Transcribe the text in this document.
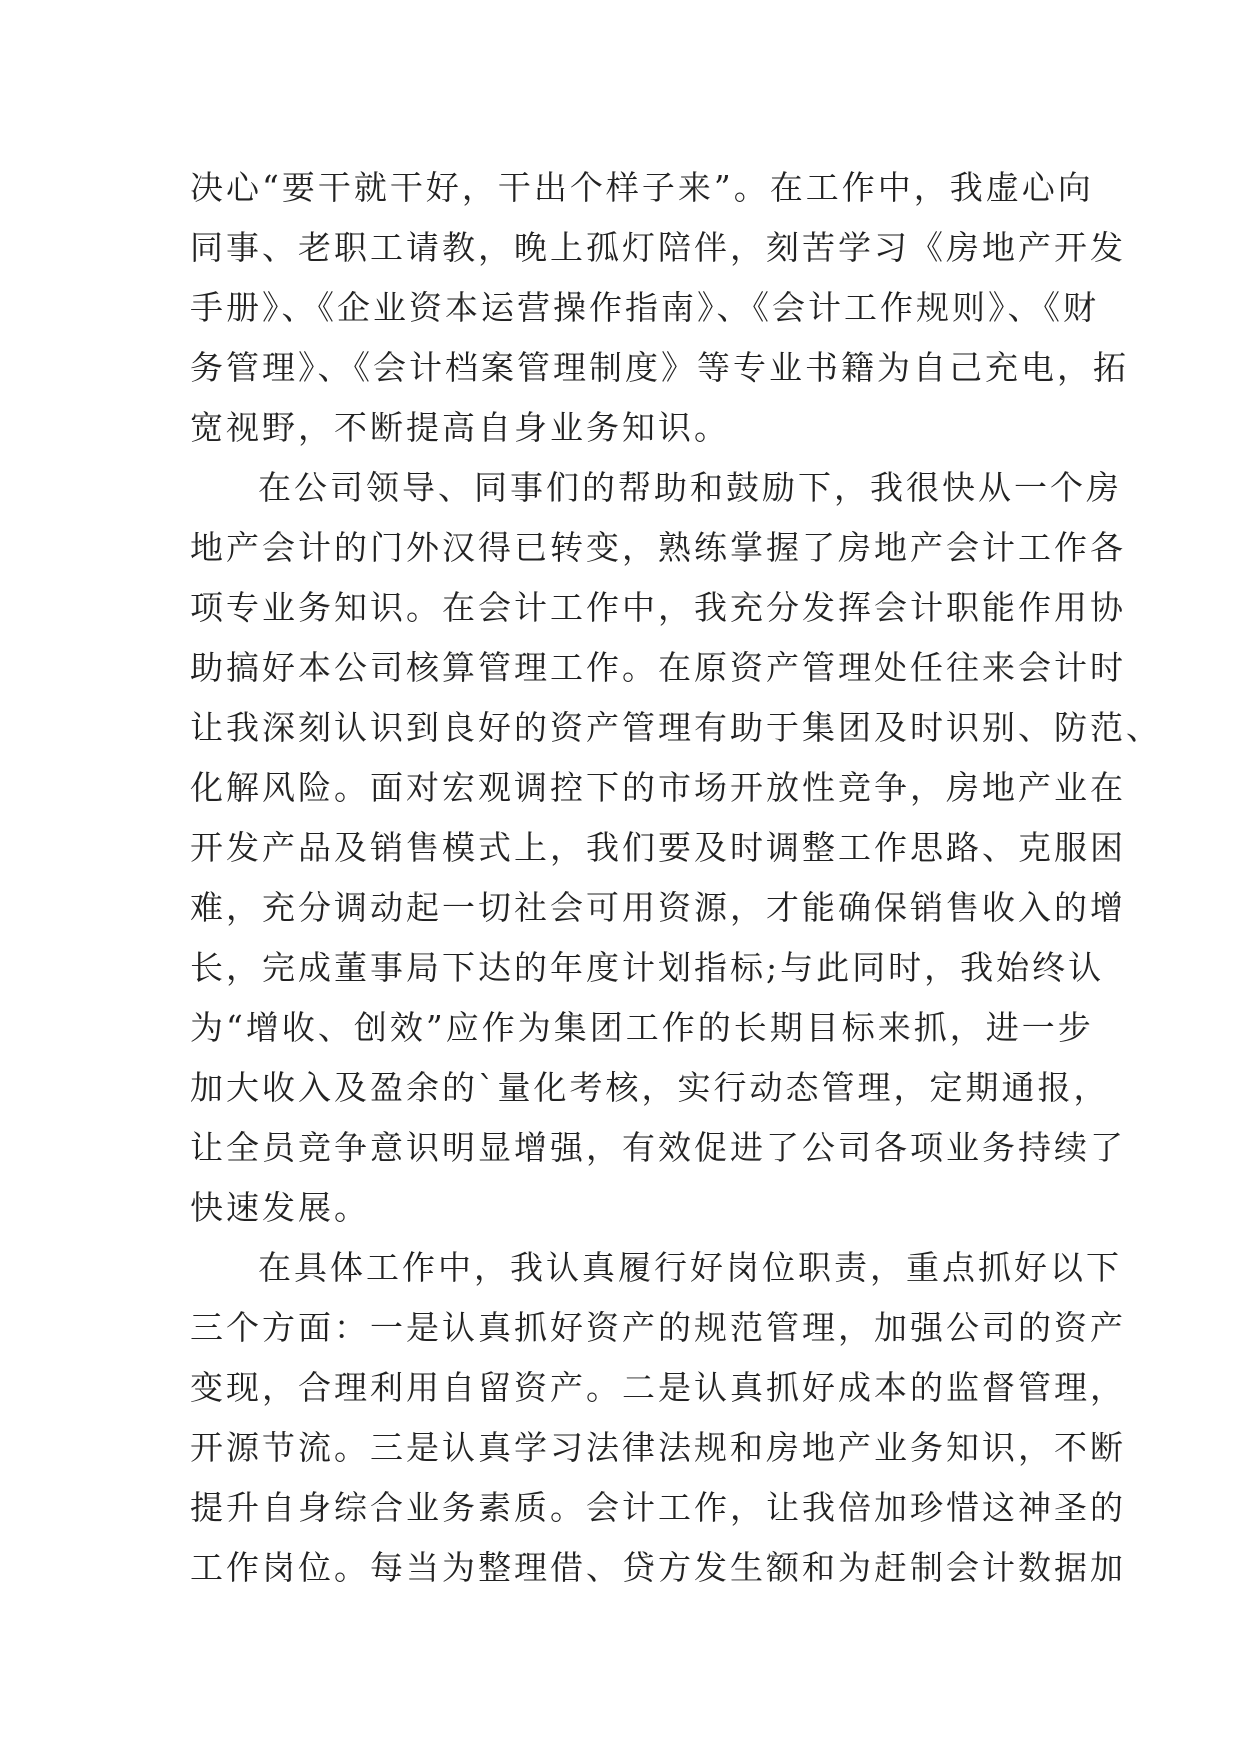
决心“要干就干好，干出个样子来”。在工作中，我虚心向
同事、老职工请教，晚上孤灯陪伴，刻苦学习《房地产开发
手册》、《企业资本运营操作指南》、《会计工作规则》、《财
务管理》、《会计档案管理制度》等专业书籍为自己充电，拓
宽视野，不断提高自身业务知识。
在公司领导、同事们的帮助和鼓励下，我很快从一个房
地产会计的门外汉得已转变，熟练掌握了房地产会计工作各
项专业务知识。在会计工作中，我充分发挥会计职能作用协
助搞好本公司核算管理工作。在原资产管理处任往来会计时
让我深刻认识到良好的资产管理有助于集团及时识别、防范、
化解风险。面对宏观调控下的市场开放性竞争，房地产业在
开发产品及销售模式上，我们要及时调整工作思路、克服困
难，充分调动起一切社会可用资源，才能确保销售收入的增
长，完成董事局下达的年度计划指标;与此同时，我始终认
为“增收、创效”应作为集团工作的长期目标来抓，进一步
加大收入及盈余的`量化考核，实行动态管理，定期通报，
让全员竞争意识明显增强，有效促进了公司各项业务持续了
快速发展。
在具体工作中，我认真履行好岗位职责，重点抓好以下
三个方面：一是认真抓好资产的规范管理，加强公司的资产
变现，合理利用自留资产。二是认真抓好成本的监督管理，
开源节流。三是认真学习法律法规和房地产业务知识，不断
提升自身综合业务素质。会计工作，让我倍加珍惜这神圣的
工作岗位。每当为整理借、贷方发生额和为赶制会计数据加
